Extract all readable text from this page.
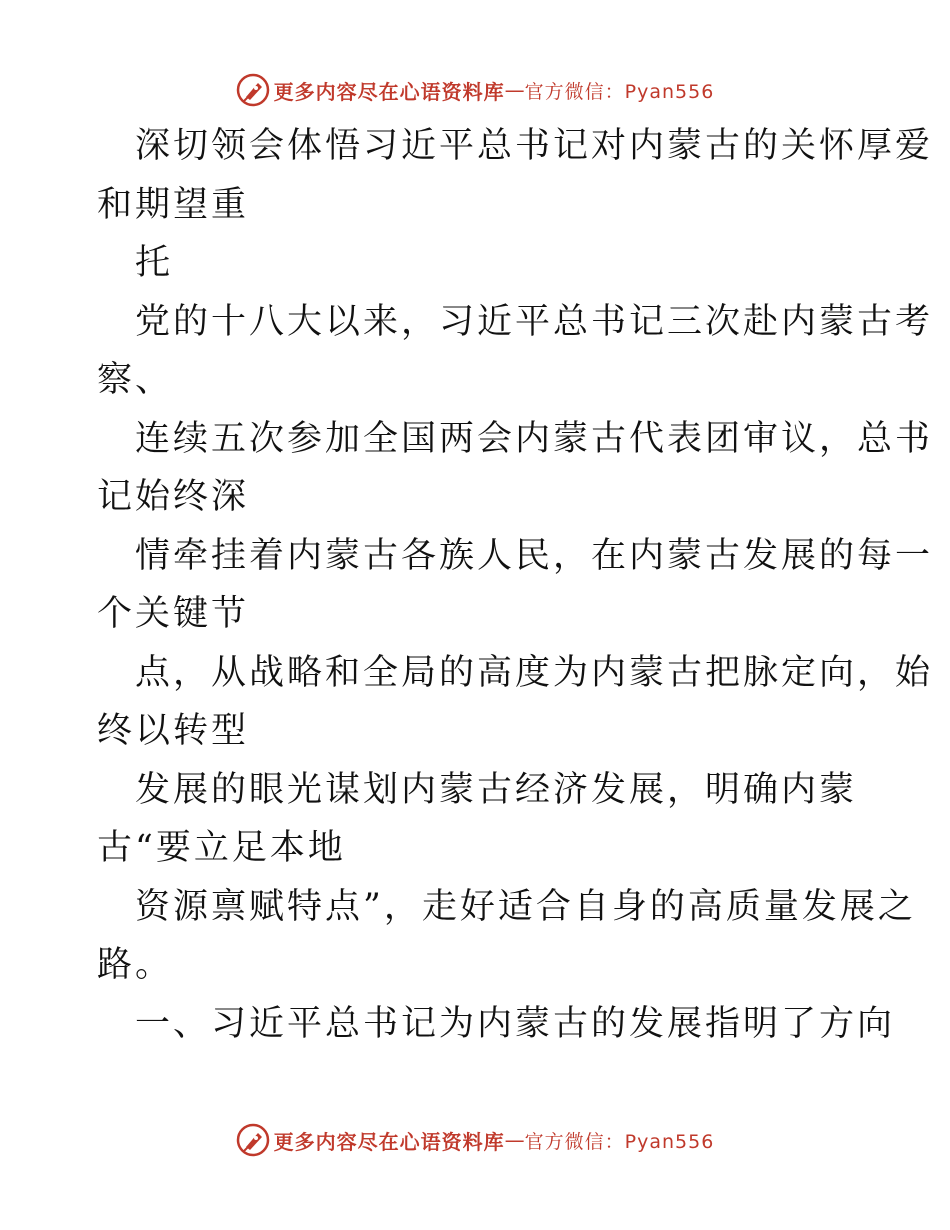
更多内容尽在心语资料库 — 官方微信：Pyan556
深切领会体悟习近平总书记对内蒙古的关怀厚爱
和期望重
托
党的十八大以来，习近平总书记三次赴内蒙古考
察、
连续五次参加全国两会内蒙古代表团审议，总书
记始终深
情牵挂着内蒙古各族人民，在内蒙古发展的每一
个关键节
点，从战略和全局的高度为内蒙古把脉定向，始
终以转型
发展的眼光谋划内蒙古经济发展，明确内蒙
古“要立足本地
资源禀赋特点”，走好适合自身的高质量发展之
路。
一、习近平总书记为内蒙古的发展指明了方向
更多内容尽在心语资料库 — 官方微信：Pyan556
